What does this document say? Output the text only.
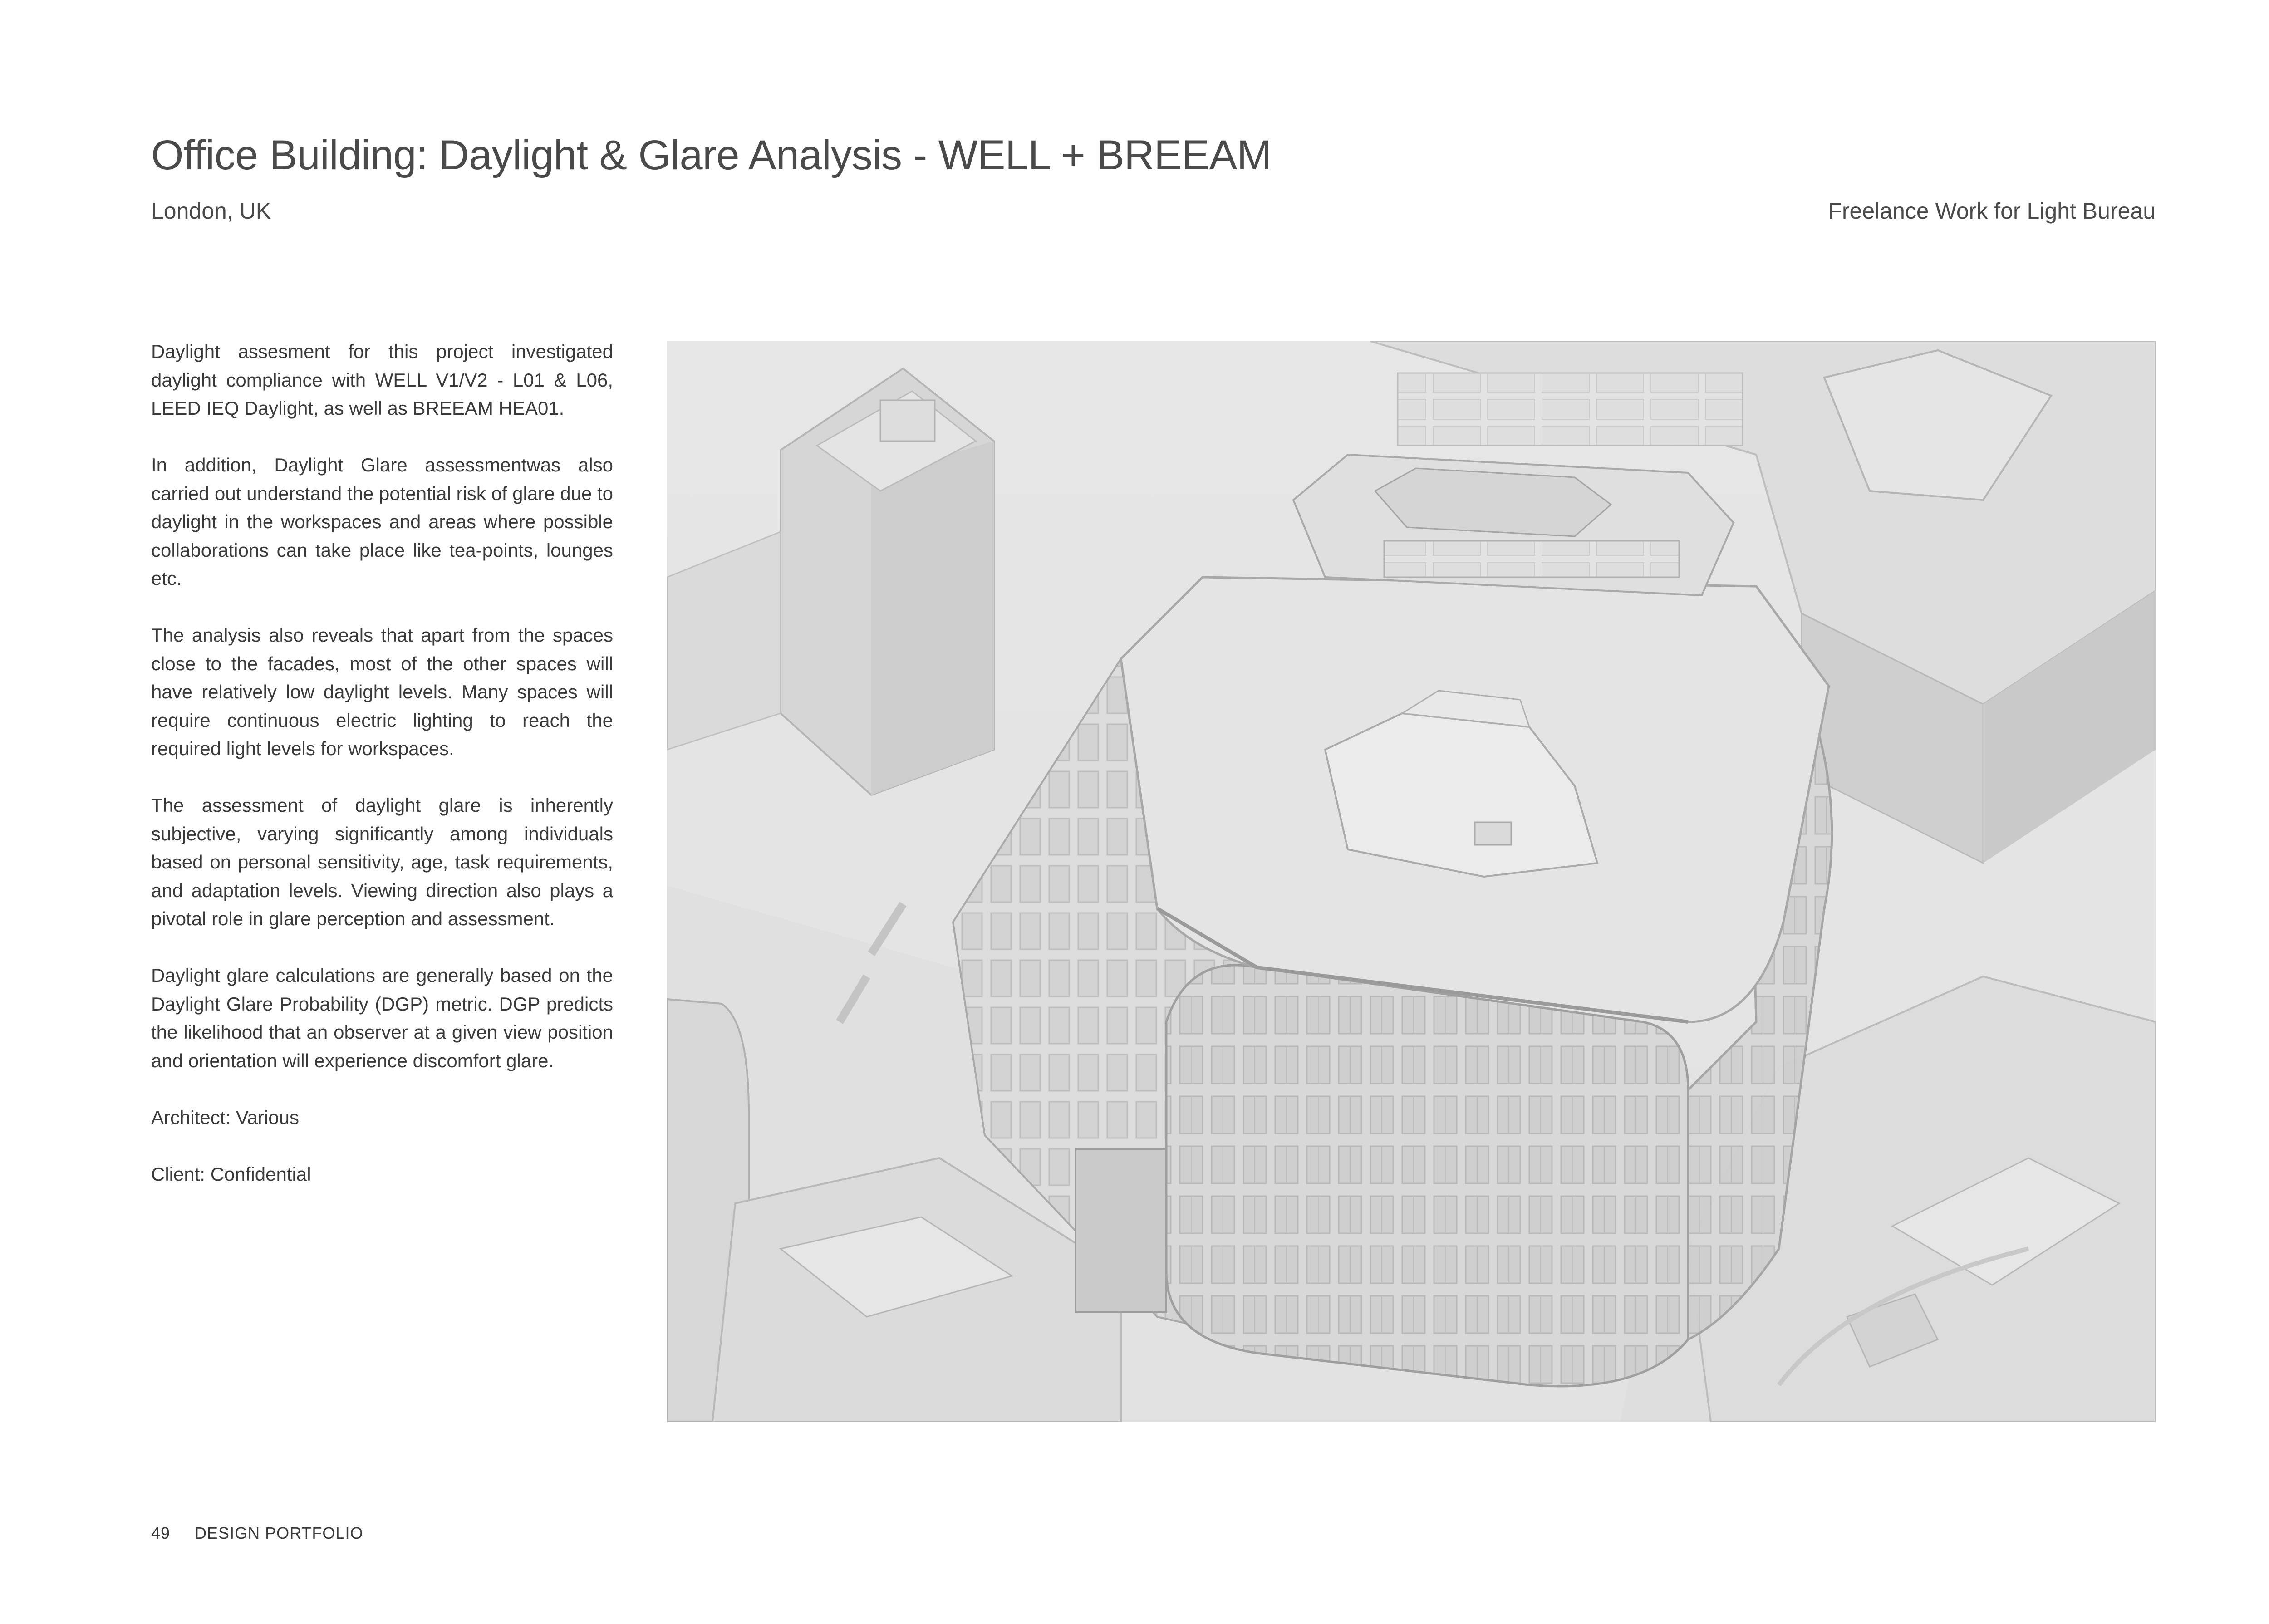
Office Building: Daylight & Glare Analysis - WELL + BREEAM
London, UK	Freelance Work for Light Bureau

Daylight assesment for this project investigated daylight compliance with WELL V1/V2 - L01 & L06, LEED IEQ Daylight, as well as BREEAM HEA01.

In addition, Daylight Glare assessmentwas also carried out understand the potential risk of glare due to daylight in the workspaces and areas where possible collaborations can take place like tea-points, lounges etc.

The analysis also reveals that apart from the spaces close to the facades, most of the other spaces will have relatively low daylight levels. Many spaces will require continuous electric lighting to reach the required light levels for workspaces.

The assessment of daylight glare is inherently subjective, varying significantly among individuals based on personal sensitivity, age, task requirements, and adaptation levels. Viewing direction also plays a pivotal role in glare perception and assessment.

Daylight glare calculations are generally based on the Daylight Glare Probability (DGP) metric. DGP predicts the likelihood that an observer at a given view position and orientation will experience discomfort glare.

Architect: Various

Client: Confidential

49 DESIGN PORTFOLIO
